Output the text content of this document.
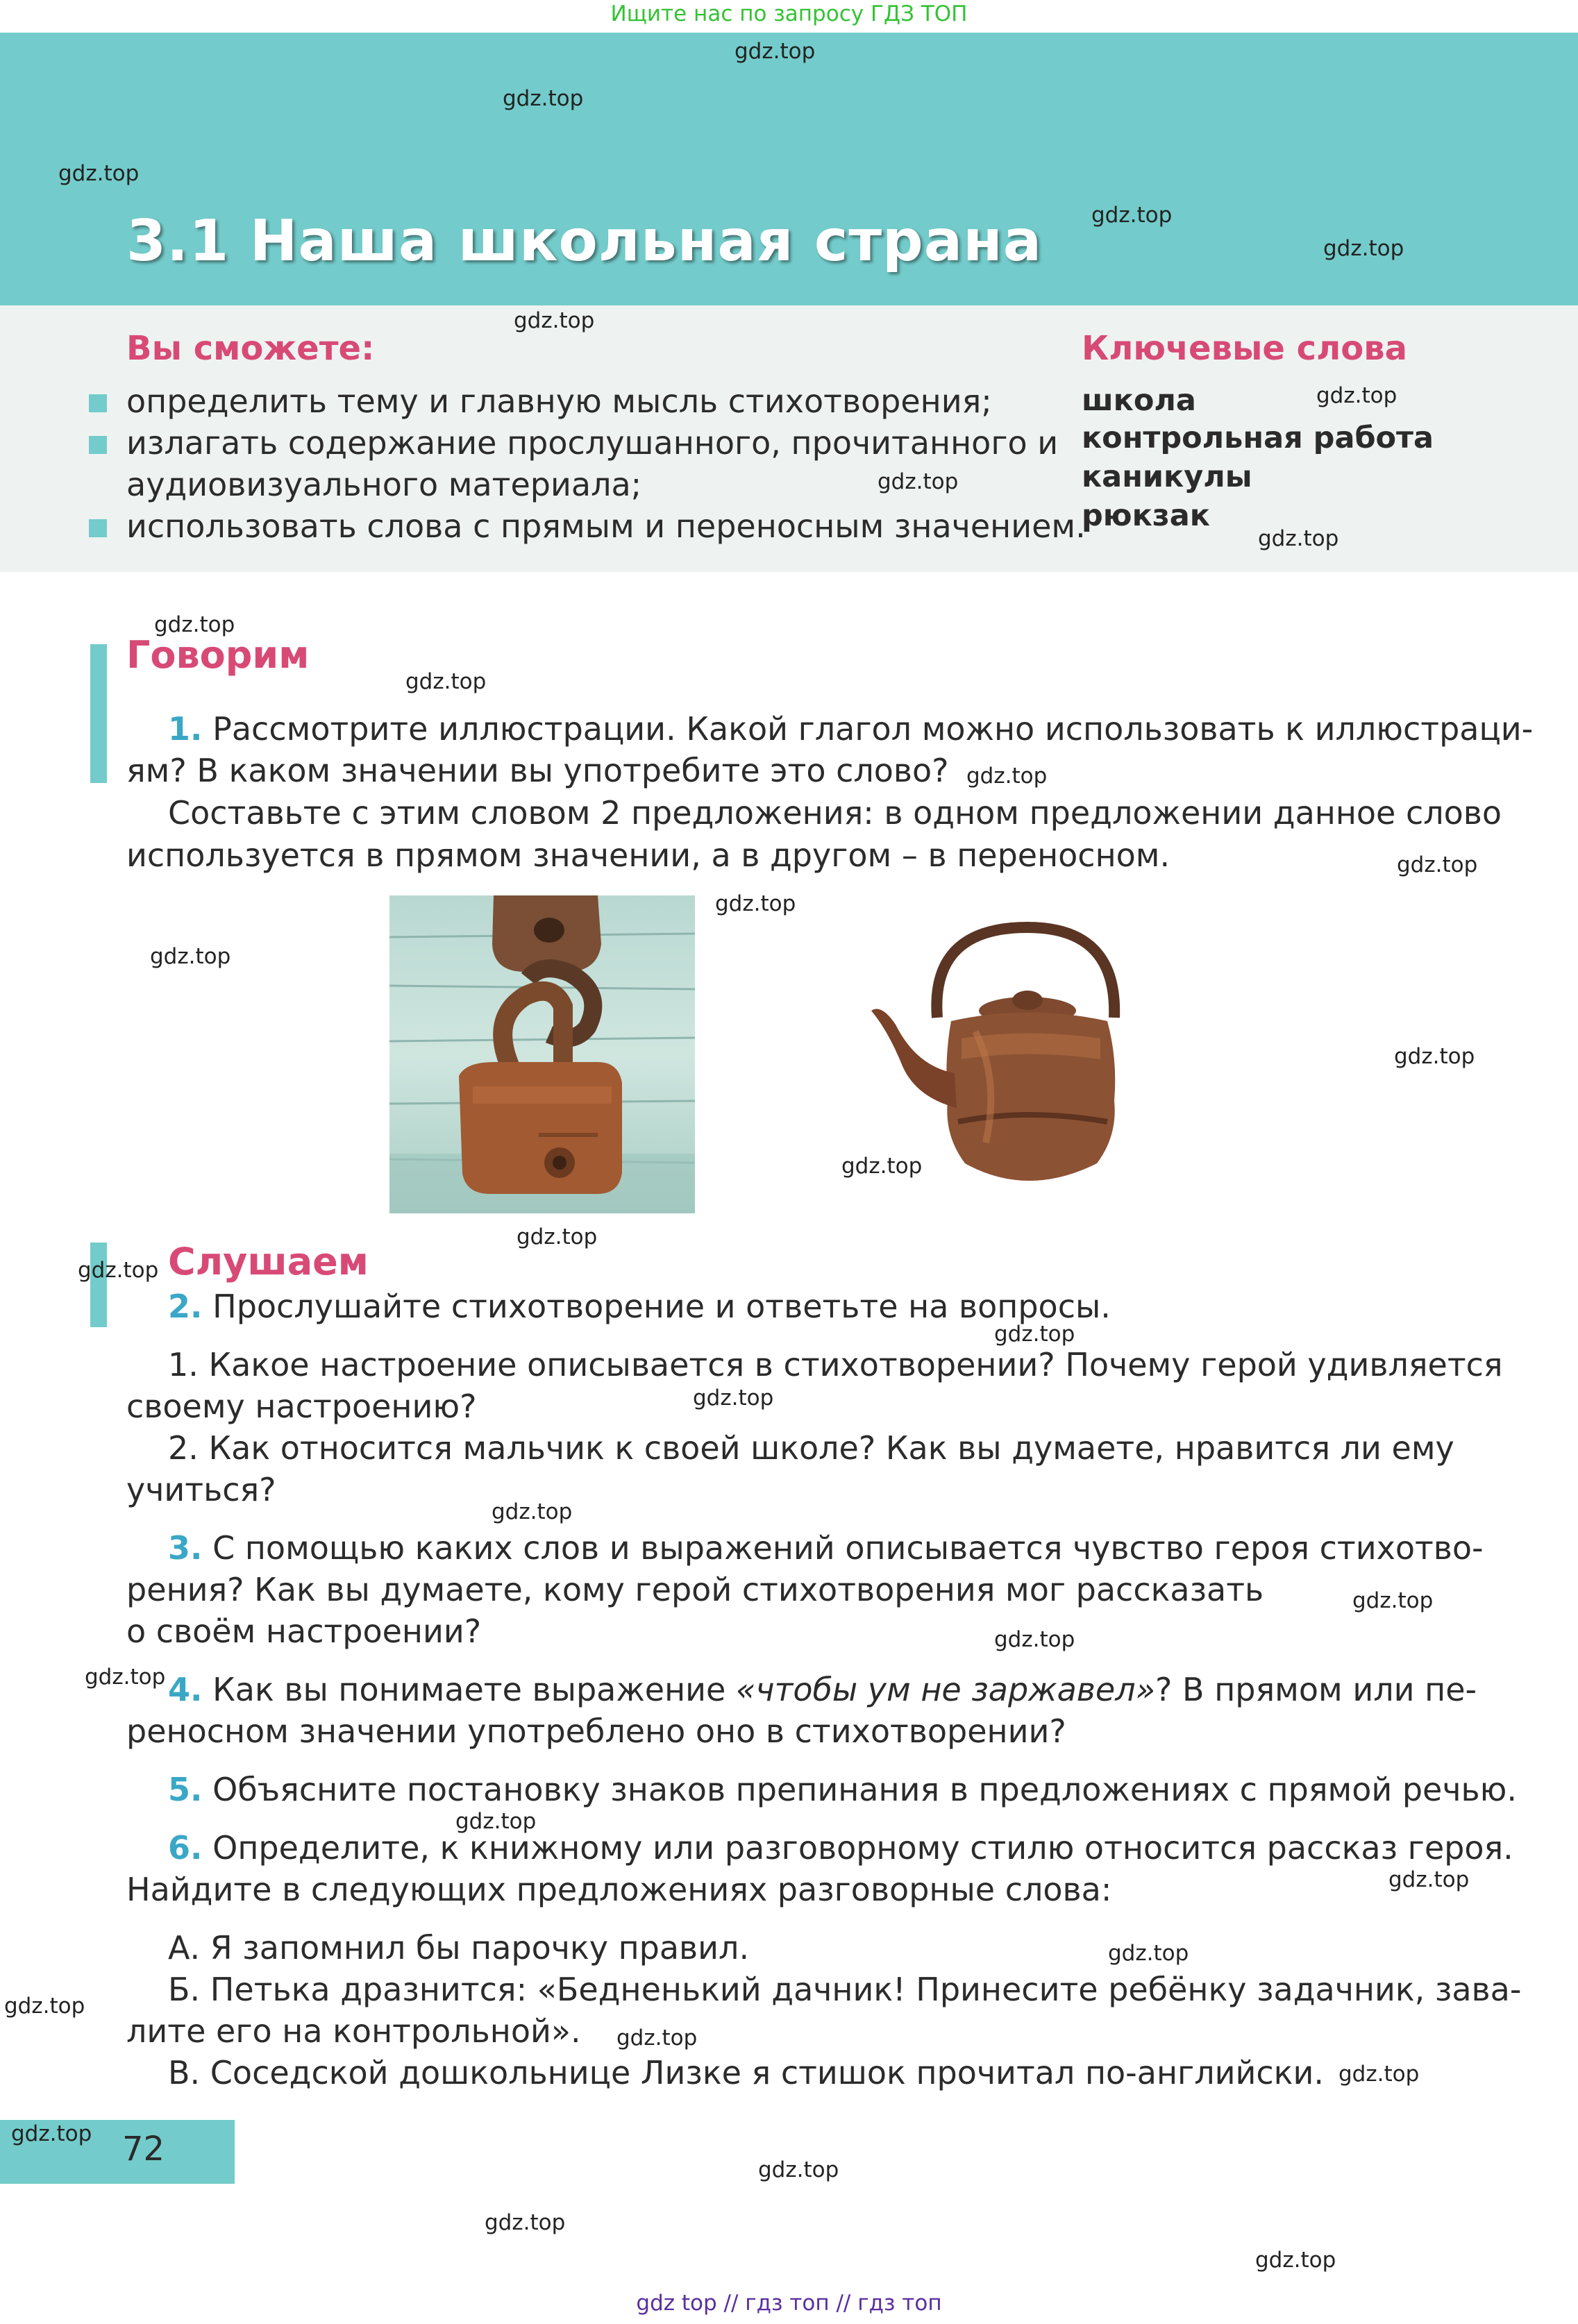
Ищите нас по запросу ГДЗ ТОП
3.1 Наша школьная страна
Вы сможете:
определить тему и главную мысль стихотворения;
излагать содержание прослушанного, прочитанного и
аудиовизуального материала;
использовать слова с прямым и переносным значением.
Ключевые слова
школа
контрольная работа
каникулы
рюкзак
Говорим
1. Рассмотрите иллюстрации. Какой глагол можно использовать к иллюстраци-
ям? В каком значении вы употребите это слово?
Составьте с этим словом 2 предложения: в одном предложении данное слово
используется в прямом значении, а в другом – в переносном.
Слушаем
2. Прослушайте стихотворение и ответьте на вопросы.
1. Какое настроение описывается в стихотворении? Почему герой удивляется
своему настроению?
2. Как относится мальчик к своей школе? Как вы думаете, нравится ли ему
учиться?
3. С помощью каких слов и выражений описывается чувство героя стихотво-
рения? Как вы думаете, кому герой стихотворения мог рассказать
о своём настроении?
4. Как вы понимаете выражение «чтобы ум не заржавел»? В прямом или пе-
реносном значении употреблено оно в стихотворении?
5. Объясните постановку знаков препинания в предложениях с прямой речью.
6. Определите, к книжному или разговорному стилю относится рассказ героя.
Найдите в следующих предложениях разговорные слова:
А. Я запомнил бы парочку правил.
Б. Петька дразнится: «Бедненький дачник! Принесите ребёнку задачник, зава-
лите его на контрольной».
В. Соседской дошкольнице Лизке я стишок прочитал по-английски.
72
gdz.top
gdz.top
gdz.top
gdz.top
gdz.top
gdz.top
gdz.top
gdz.top
gdz.top
gdz.top
gdz.top
gdz.top
gdz.top
gdz.top
gdz.top
gdz.top
gdz.top
gdz.top
gdz.top
gdz.top
gdz.top
gdz.top
gdz.top
gdz.top
gdz.top
gdz.top
gdz.top
gdz.top
gdz.top
gdz.top
gdz.top
gdz.top
gdz.top
gdz.top
gdz.top
gdz top // гдз топ // гдз топ
